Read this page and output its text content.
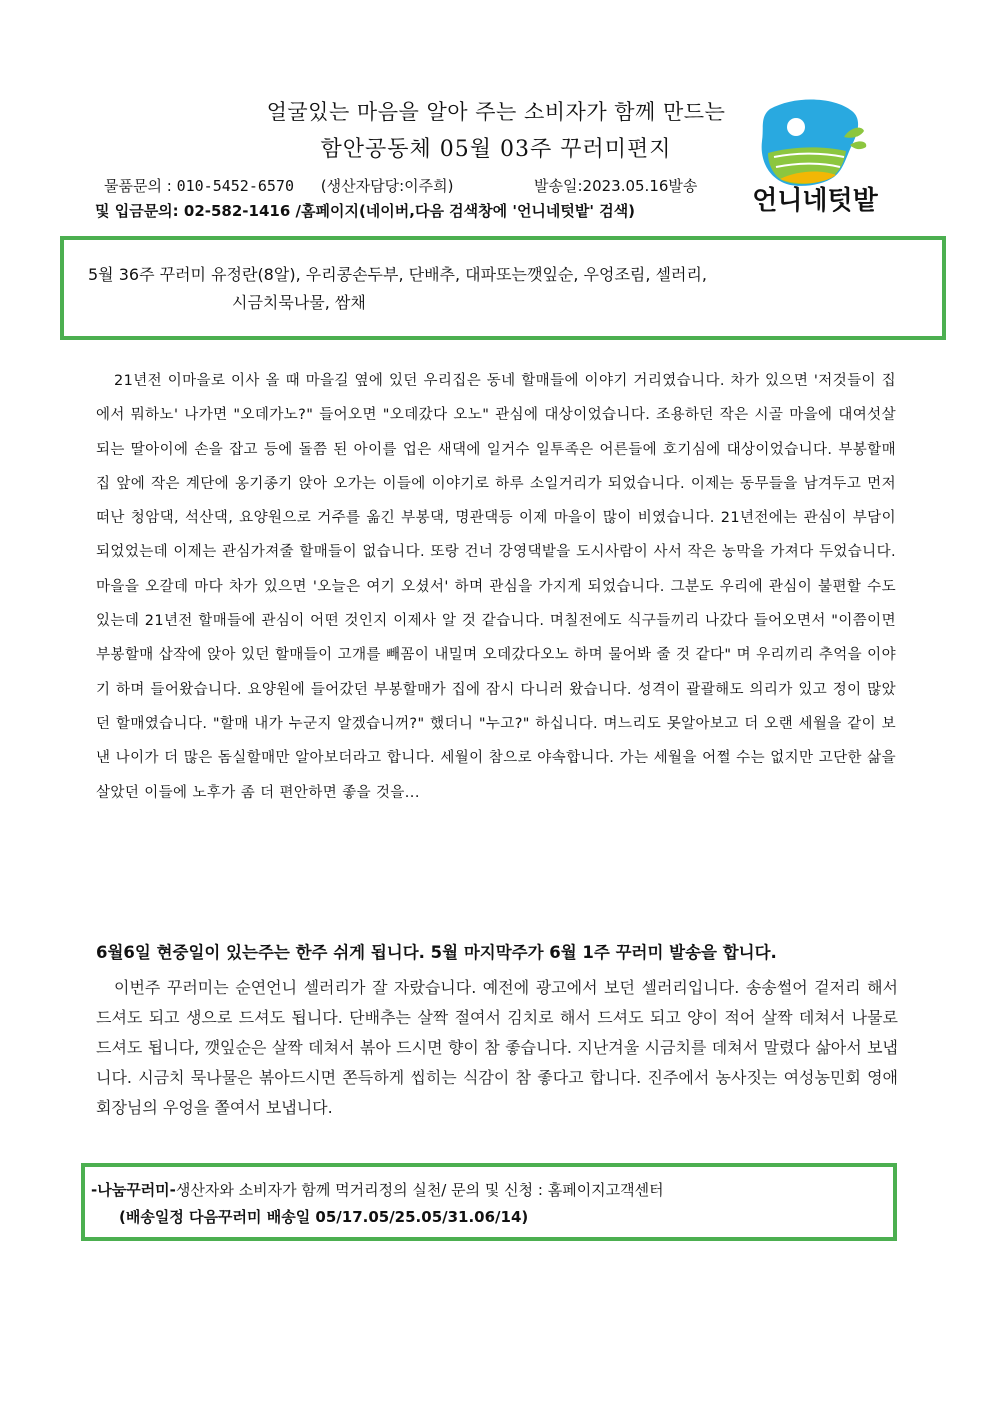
얼굴있는 마음을 알아 주는 소비자가 함께 만드는
함안공동체 05월 03주 꾸러미편지
물품문의 : 010-5452-6570 (생산자담당:이주희)	발송일:2023.05.16발송
및 입금문의: 02-582-1416 /홈페이지(네이버,다음 검색창에 '언니네텃밭' 검색)	언니네텃밭
5월 36주 꾸러미 유정란(8알), 우리콩손두부, 단배추, 대파또는깻잎순, 우엉조림, 셀러리,
시금치묵나물, 쌈채
21년전 이마을로 이사 올 때 마을길 옆에 있던 우리집은 동네 할매들에 이야기 거리였습니다. 차가 있으면 '저것들이 집에서 뭐하노' 나가면 "오데가노?" 들어오면 "오데갔다 오노" 관심에 대상이었습니다. 조용하던 작은 시골 마을에 대여섯살 되는 딸아이에 손을 잡고 등에 돌쯤 된 아이를 업은 새댁에 일거수 일투족은 어른들에 호기심에 대상이었습니다. 부봉할매 집 앞에 작은 계단에 옹기종기 앉아 오가는 이들에 이야기로 하루 소일거리가 되었습니다. 이제는 동무들을 남겨두고 먼저 떠난 청암댁, 석산댁, 요양원으로 거주를 옮긴 부봉댁, 명관댁등 이제 마을이 많이 비였습니다. 21년전에는 관심이 부담이 되었었는데 이제는 관심가져줄 할매들이 없습니다. 또랑 건너 강영댁밭을 도시사람이 사서 작은 농막을 가져다 두었습니다. 마을을 오갈데 마다 차가 있으면 '오늘은 여기 오셨서' 하며 관심을 가지게 되었습니다. 그분도 우리에 관심이 불편할 수도 있는데 21년전 할매들에 관심이 어떤 것인지 이제사 알 것 같습니다. 며칠전에도 식구들끼리 나갔다 들어오면서 "이쯤이면 부봉할매 삽작에 앉아 있던 할매들이 고개를 빼꼼이 내밀며 오데갔다오노 하며 물어봐 줄 것 같다" 며 우리끼리 추억을 이야기 하며 들어왔습니다. 요양원에 들어갔던 부봉할매가 집에 잠시 다니러 왔습니다. 성격이 괄괄해도 의리가 있고 정이 많았던 할매였습니다. "할매 내가 누군지 알겠습니꺼?" 했더니 "누고?" 하십니다. 며느리도 못알아보고 더 오랜 세월을 같이 보낸 나이가 더 많은 돔실할매만 알아보더라고 합니다. 세월이 참으로 야속합니다. 가는 세월을 어쩔 수는 없지만 고단한 삶을 살았던 이들에 노후가 좀 더 편안하면 좋을 것을...
6월6일 현중일이 있는주는 한주 쉬게 됩니다. 5월 마지막주가 6월 1주 꾸러미 발송을 합니다.
이번주 꾸러미는 순연언니 셀러리가 잘 자랐습니다. 예전에 광고에서 보던 셀러리입니다. 송송썰어 겉저리 해서 드셔도 되고 생으로 드셔도 됩니다. 단배추는 살짝 절여서 김치로 해서 드셔도 되고 양이 적어 살짝 데쳐서 나물로 드셔도 됩니다, 깻잎순은 살짝 데쳐서 볶아 드시면 향이 참 좋습니다. 지난겨울 시금치를 데쳐서 말렸다 삶아서 보냅니다. 시금치 묵나물은 볶아드시면 쫀득하게 씹히는 식감이 참 좋다고 합니다. 진주에서 농사짓는 여성농민회 영애회장님의 우엉을 쫄여서 보냅니다.
-나눔꾸러미-생산자와 소비자가 함께 먹거리정의 실천/ 문의 및 신청 : 홈페이지고객센터
(배송일정 다음꾸러미 배송일 05/17.05/25.05/31.06/14)
